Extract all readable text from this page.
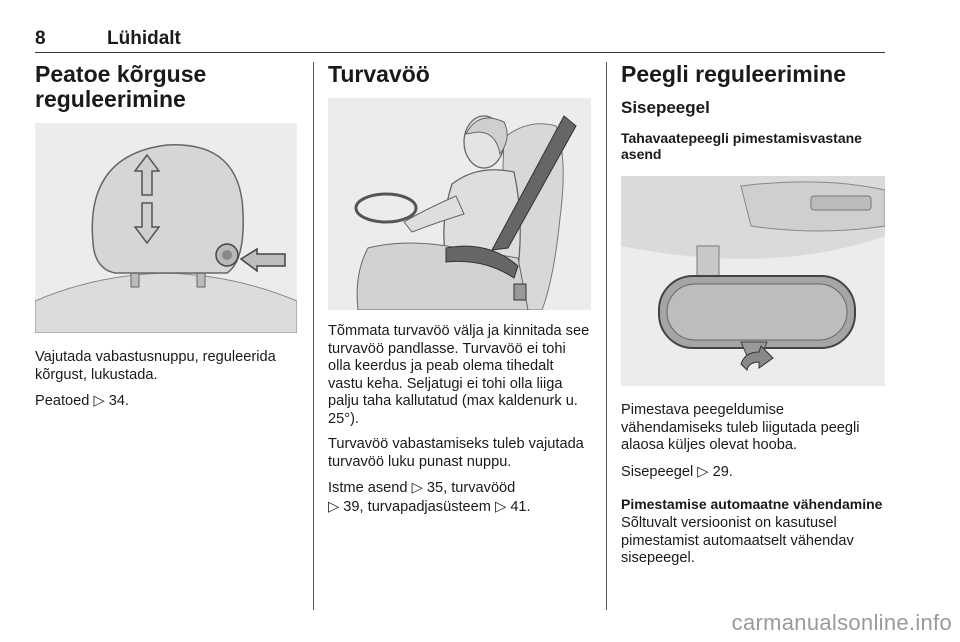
8	Lühidalt
Peatoe kõrguse reguleerimine

Vajutada vabastusnuppu, reguleerida kõrgust, lukustada.

Peatoed ▷ 34.

Turvavöö

Tõmmata turvavöö välja ja kinnitada see turvavöö pandlasse. Turvavöö ei tohi olla keerdus ja peab olema tihedalt vastu keha. Seljatugi ei tohi olla liiga palju taha kallutatud (max kaldenurk u. 25°).

Turvavöö vabastamiseks tuleb vajutada turvavöö luku punast nuppu.

Istme asend ▷ 35, turvavööd
▷ 39, turvapadjasüsteem ▷ 41.

Peegli reguleerimine
Sisepeegel
Tahavaatepeegli pimestamisvastane asend

Pimestava peegeldumise vähendamiseks tuleb liigutada peegli alaosa küljes olevat hooba.

Sisepeegel ▷ 29.

Pimestamise automaatne vähendamine

Sõltuvalt versioonist on kasutusel pimestamist automaatselt vähendav sisepeegel.

carmanualsonline.info
